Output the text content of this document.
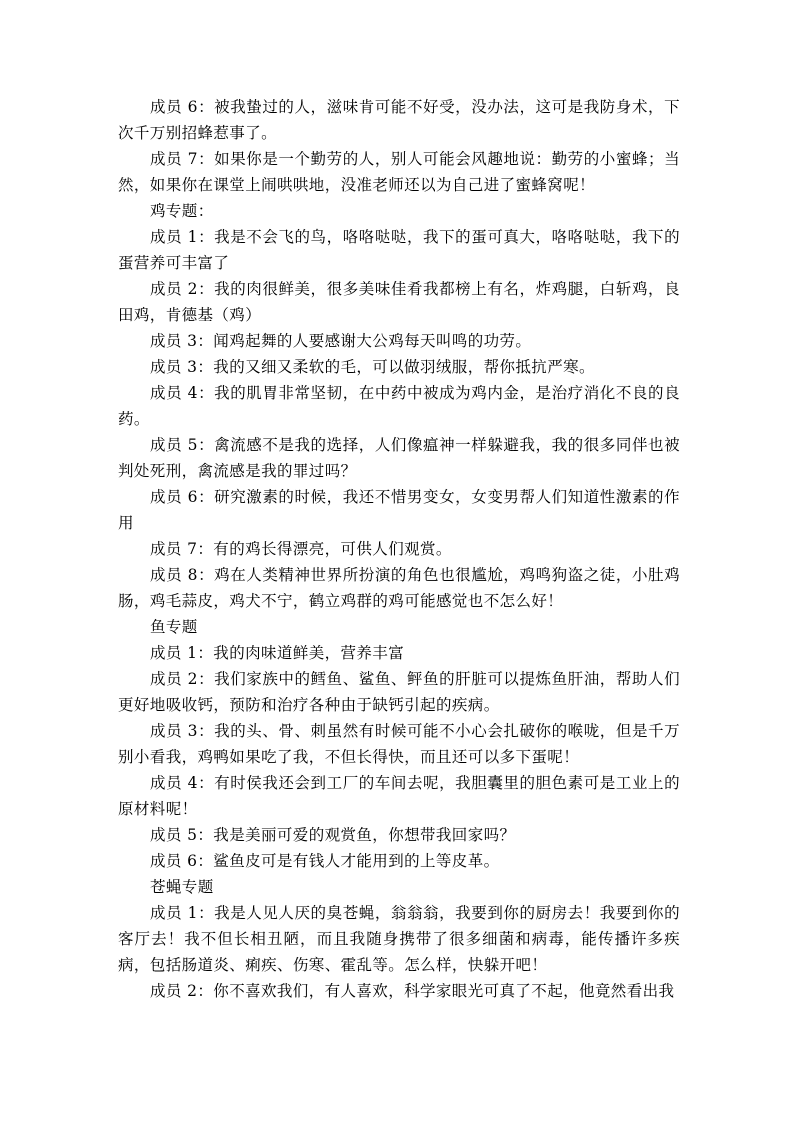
成员 6：被我蛰过的人，滋味肯可能不好受，没办法，这可是我防身术，下次千万别招蜂惹事了。

成员 7：如果你是一个勤劳的人，别人可能会风趣地说：勤劳的小蜜蜂；当然，如果你在课堂上闹哄哄地，没准老师还以为自己进了蜜蜂窝呢！

鸡专题：

成员 1：我是不会飞的鸟，咯咯哒哒，我下的蛋可真大，咯咯哒哒，我下的蛋营养可丰富了

成员 2：我的肉很鲜美，很多美味佳肴我都榜上有名，炸鸡腿，白斩鸡，良田鸡，肯德基（鸡）

成员 3：闻鸡起舞的人要感谢大公鸡每天叫鸣的功劳。

成员 3：我的又细又柔软的毛，可以做羽绒服，帮你抵抗严寒。

成员 4：我的肌胃非常坚韧，在中药中被成为鸡内金，是治疗消化不良的良药。

成员 5：禽流感不是我的选择，人们像瘟神一样躲避我，我的很多同伴也被判处死刑，禽流感是我的罪过吗？

成员 6：研究激素的时候，我还不惜男变女，女变男帮人们知道性激素的作用

成员 7：有的鸡长得漂亮，可供人们观赏。

成员 8：鸡在人类精神世界所扮演的角色也很尴尬，鸡鸣狗盗之徒，小肚鸡肠，鸡毛蒜皮，鸡犬不宁，鹤立鸡群的鸡可能感觉也不怎么好！

鱼专题

成员 1：我的肉味道鲜美，营养丰富

成员 2：我们家族中的鳕鱼、鲨鱼、鲆鱼的肝脏可以提炼鱼肝油，帮助人们更好地吸收钙，预防和治疗各种由于缺钙引起的疾病。

成员 3：我的头、骨、刺虽然有时候可能不小心会扎破你的喉咙，但是千万别小看我，鸡鸭如果吃了我，不但长得快，而且还可以多下蛋呢！

成员 4：有时侯我还会到工厂的车间去呢，我胆囊里的胆色素可是工业上的原材料呢！

成员 5：我是美丽可爱的观赏鱼，你想带我回家吗？

成员 6：鲨鱼皮可是有钱人才能用到的上等皮革。

苍蝇专题

成员 1：我是人见人厌的臭苍蝇，翁翁翁，我要到你的厨房去！我要到你的客厅去！我不但长相丑陋，而且我随身携带了很多细菌和病毒，能传播许多疾病，包括肠道炎、痢疾、伤寒、霍乱等。怎么样，快躲开吧！

成员 2：你不喜欢我们，有人喜欢，科学家眼光可真了不起，他竟然看出我
